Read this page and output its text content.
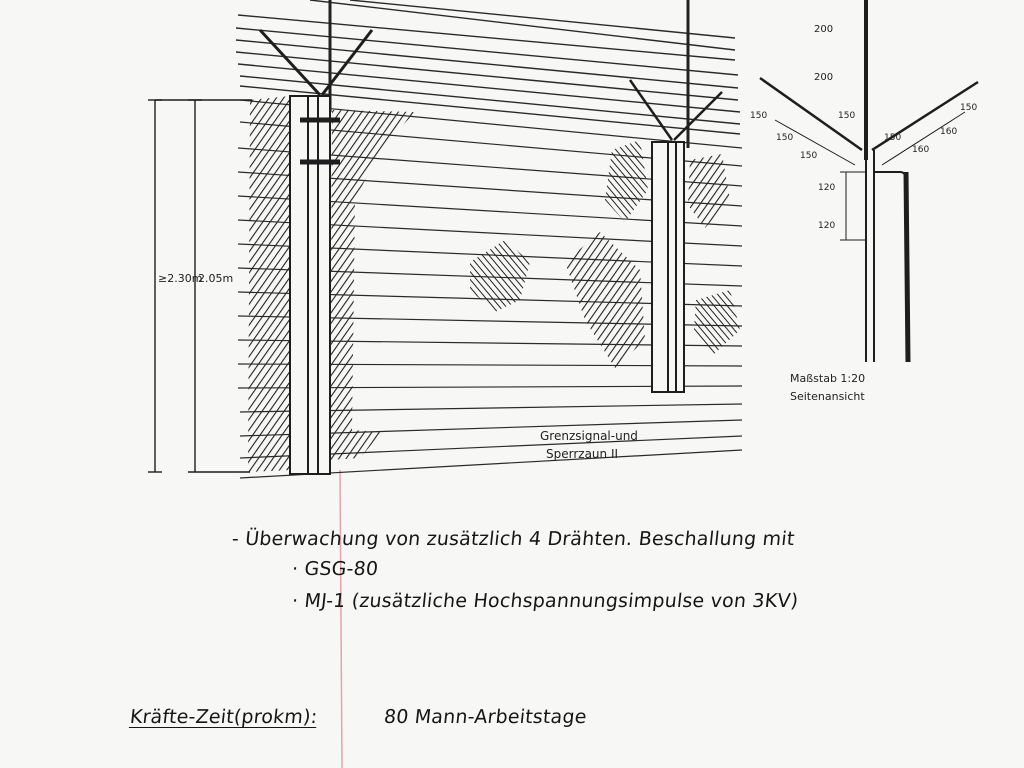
≥2.30m
2.05m
Grenzsignal-und
Sperrzaun II
200
200
150
150
120
120
150
150
160
160
150
150
Maßstab 1:20
Seitenansicht
- Überwachung von zusätzlich 4 Drähten. Beschallung mit
· GSG-80
· MJ-1 (zusätzliche Hochspannungsimpulse von 3KV)
Kräfte-Zeit(prokm):	80 Mann-Arbeitstage
